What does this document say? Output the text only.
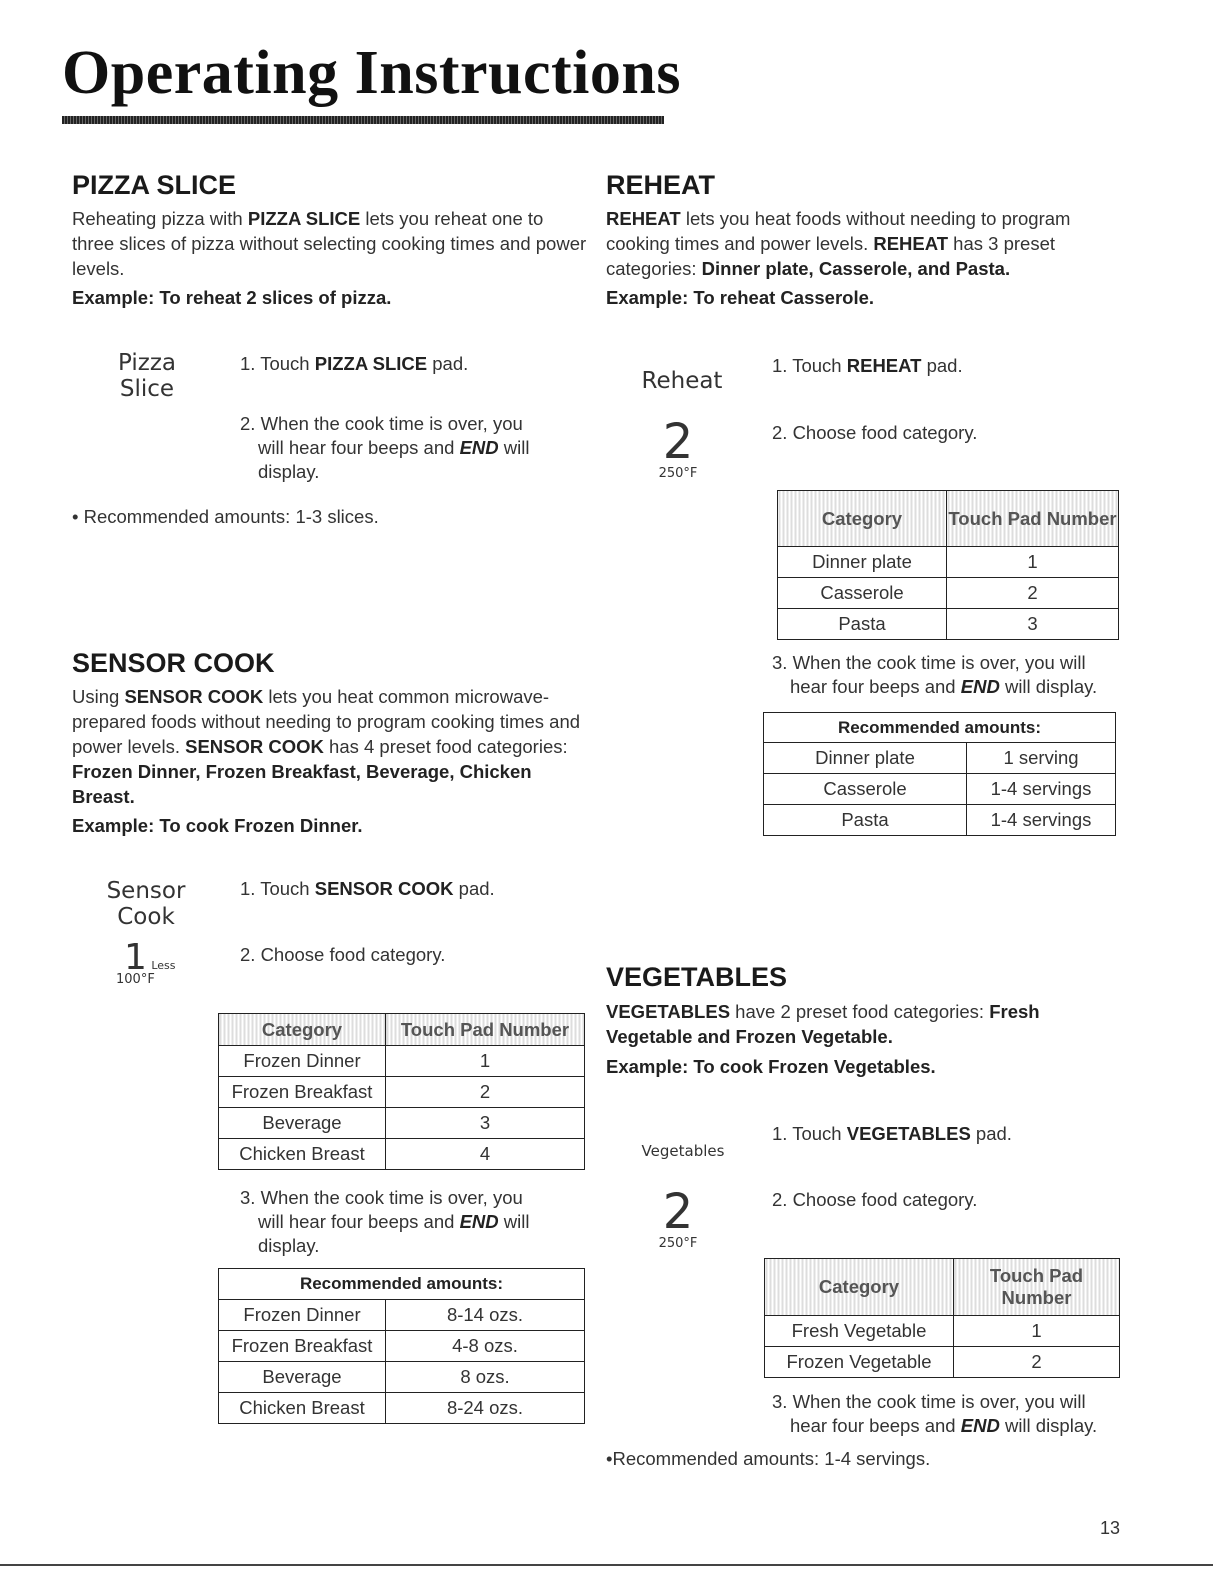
Operating Instructions
PIZZA SLICE

Reheating pizza with PIZZA SLICE lets you reheat one to three slices of pizza without selecting cooking times and power levels.

Example: To reheat 2 slices of pizza.
Pizza
Slice
1. Touch PIZZA SLICE pad.
2. When the cook time is over, you
will hear four beeps and END will
display.
• Recommended amounts: 1-3 slices.
REHEAT

REHEAT lets you heat foods without needing to program cooking times and power levels. REHEAT has 3 preset categories: Dinner plate, Casserole, and Pasta.

Example: To reheat Casserole.
Reheat
2
250°F
1. Touch REHEAT pad.
2. Choose food category.
Category	Touch Pad Number
Dinner plate	1
Casserole	2
Pasta	3
3. When the cook time is over, you will
hear four beeps and END will display.
Recommended amounts:	
Dinner plate	1 serving
Casserole	1-4 servings
Pasta	1-4 servings
SENSOR COOK

Using SENSOR COOK lets you heat common microwave-prepared foods without needing to program cooking times and power levels. SENSOR COOK has 4 preset food categories: Frozen Dinner, Frozen Breakfast, Beverage, Chicken Breast.

Example: To cook Frozen Dinner.
Sensor
Cook
1 Less
100°F
1. Touch SENSOR COOK pad.
2. Choose food category.
Category	Touch Pad Number
Frozen Dinner	1
Frozen Breakfast	2
Beverage	3
Chicken Breast	4
3. When the cook time is over, you
will hear four beeps and END will
display.
Recommended amounts:	
Frozen Dinner	8-14 ozs.
Frozen Breakfast	4-8 ozs.
Beverage	8 ozs.
Chicken Breast	8-24 ozs.
VEGETABLES

VEGETABLES have 2 preset food categories: Fresh Vegetable and Frozen Vegetable.

Example: To cook Frozen Vegetables.
Vegetables
2
250°F
1. Touch VEGETABLES pad.
2. Choose food category.
Category	Touch Pad Number
Fresh Vegetable	1
Frozen Vegetable	2
3. When the cook time is over, you will
hear four beeps and END will display.
•Recommended amounts: 1-4 servings.
13
